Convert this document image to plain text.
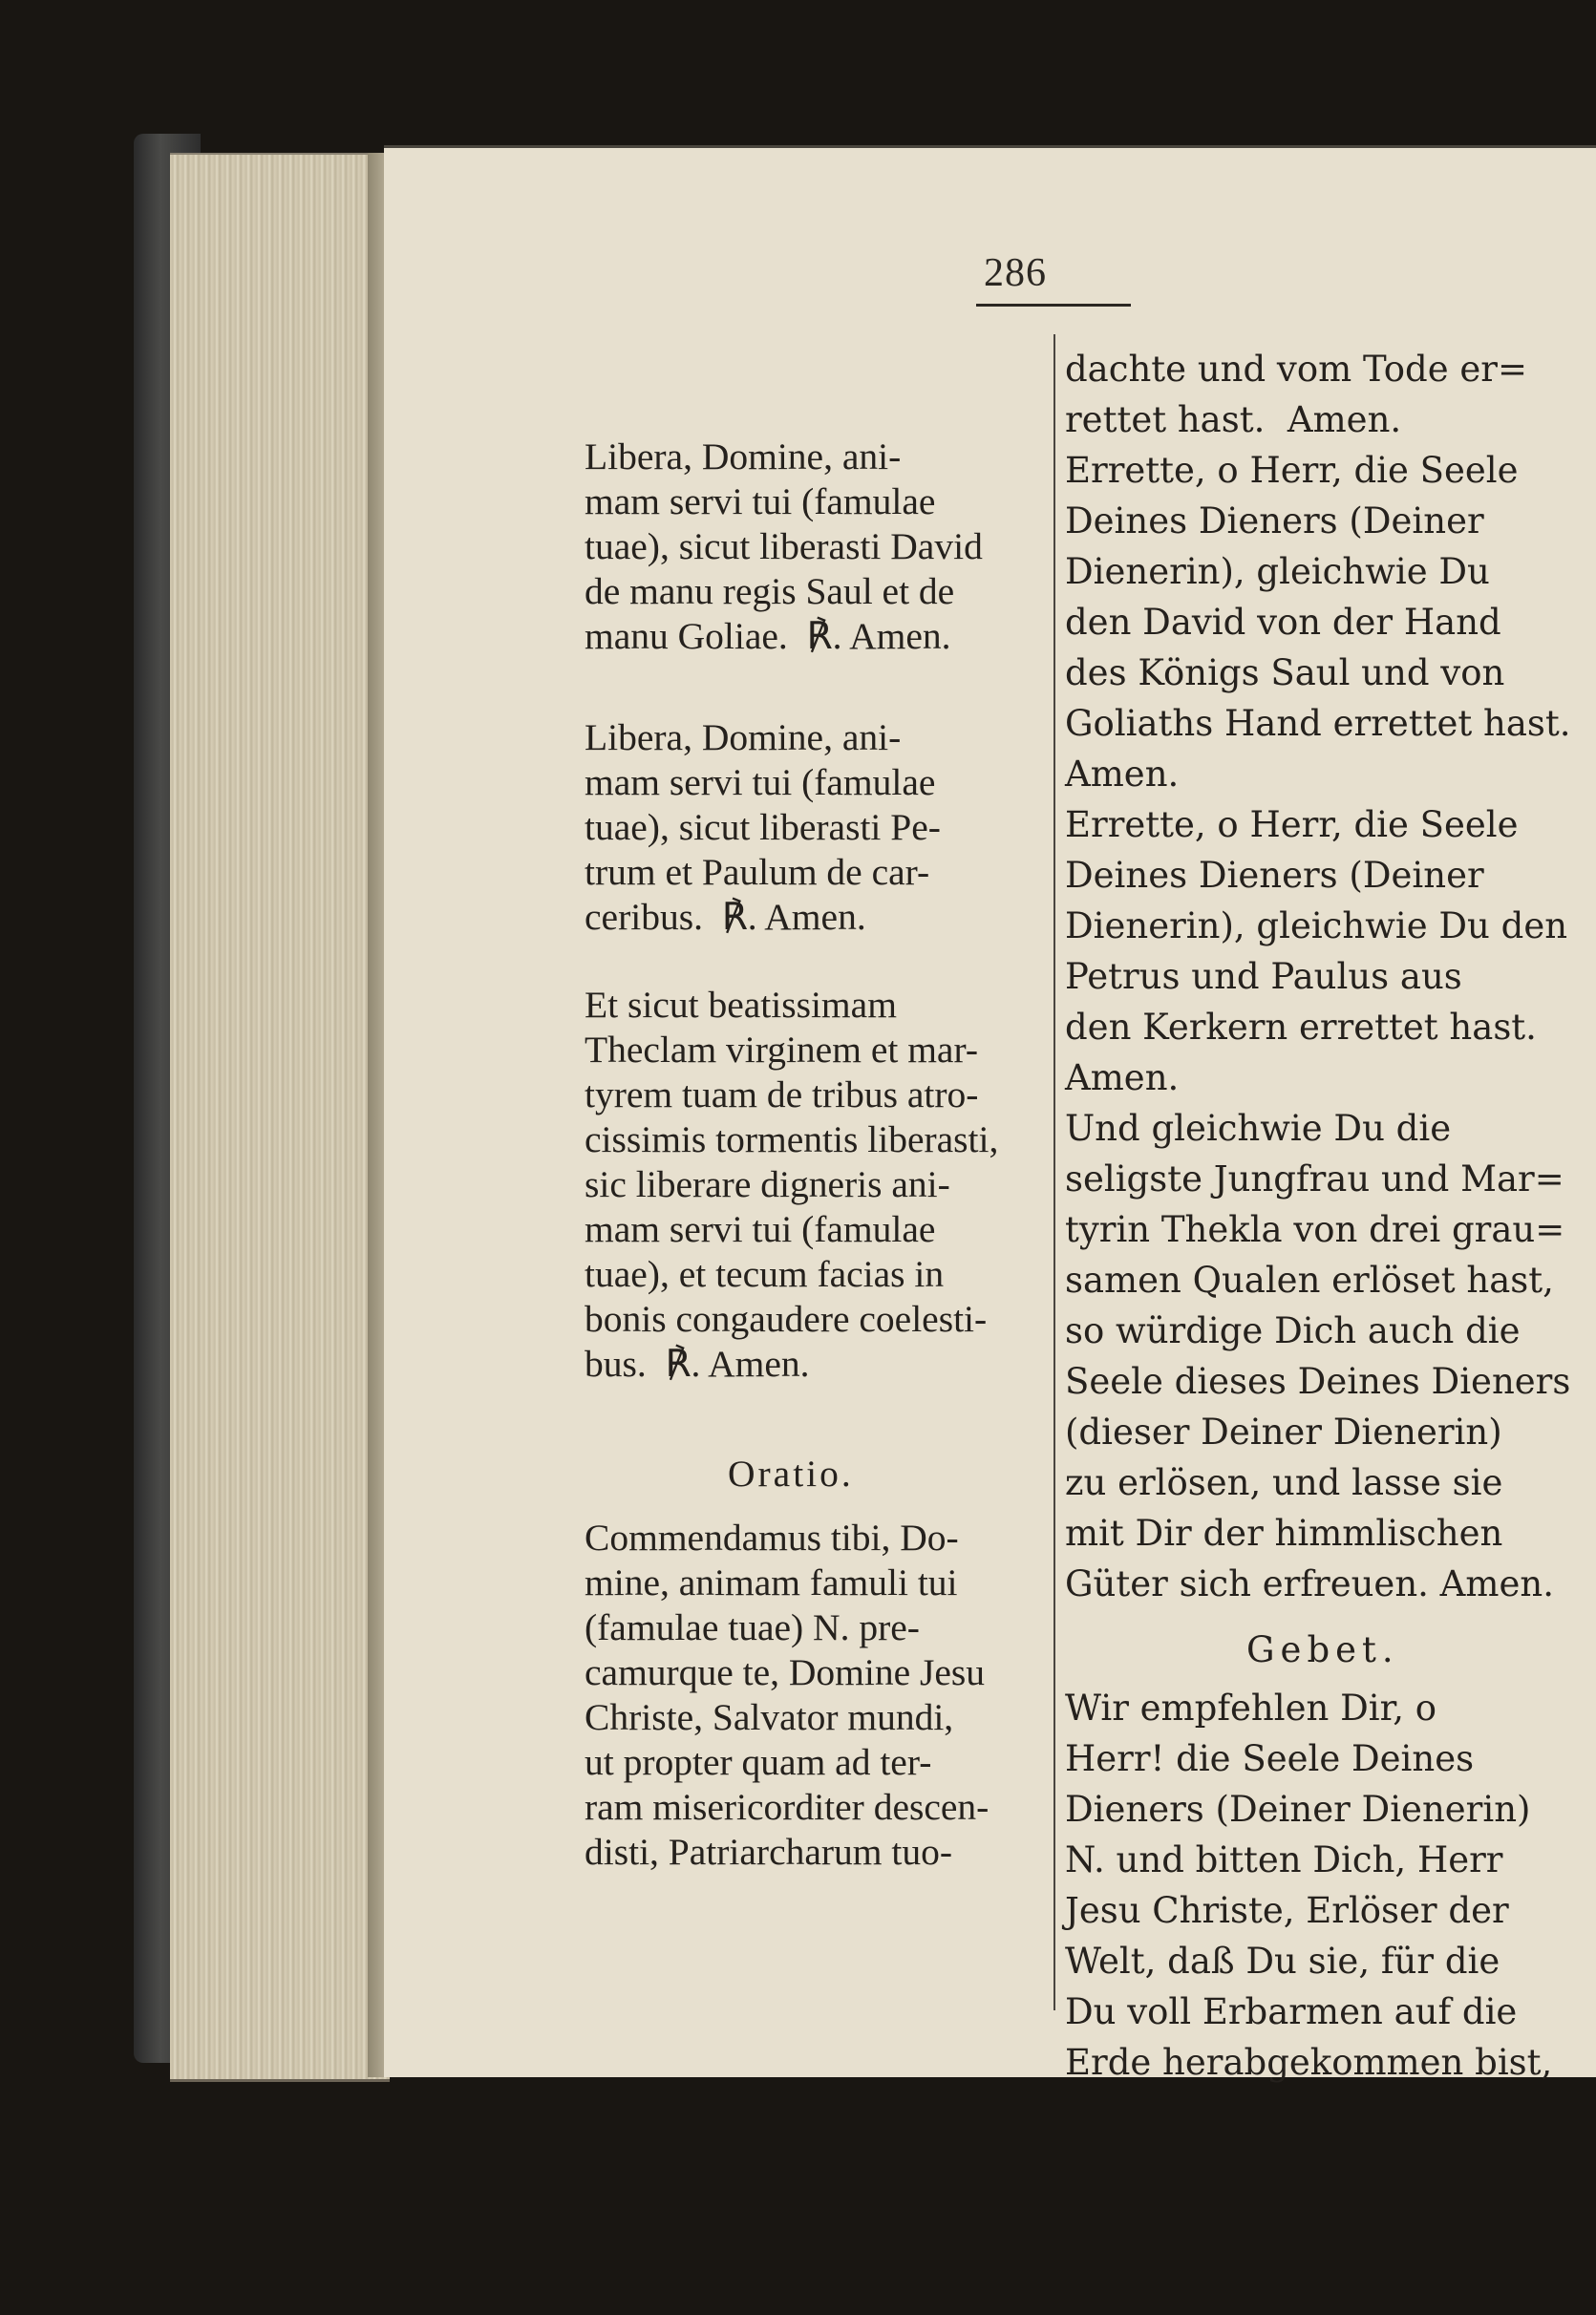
286

Libera, Domine, ani-
mam servi tui (famulae
tuae), sicut liberasti David
de manu regis Saul et de
manu Goliae.  ℟. Amen.

Libera, Domine, ani-
mam servi tui (famulae
tuae), sicut liberasti Pe-
trum et Paulum de car-
ceribus.  ℟. Amen.

Et sicut beatissimam
Theclam virginem et mar-
tyrem tuam de tribus atro-
cissimis tormentis liberasti,
sic liberare digneris ani-
mam servi tui (famulae
tuae), et tecum facias in
bonis congaudere coelesti-
bus.  ℟. Amen.

Oratio.

Commendamus tibi, Do-
mine, animam famuli tui
(famulae tuae) N. pre-
camurque te, Domine Jesu
Christe, Salvator mundi,
ut propter quam ad ter-
ram misericorditer descen-
disti, Patriarcharum tuo-

dachte und vom Tode er=
rettet hast.  Amen.

Errette, o Herr, die Seele
Deines Dieners (Deiner
Dienerin), gleichwie Du
den David von der Hand
des Königs Saul und von
Goliaths Hand errettet hast.
Amen.

Errette, o Herr, die Seele
Deines Dieners (Deiner
Dienerin), gleichwie Du den
Petrus und Paulus aus
den Kerkern errettet hast.
Amen.

Und gleichwie Du die
seligste Jungfrau und Mar=
tyrin Thekla von drei grau=
samen Qualen erlöset hast,
so würdige Dich auch die
Seele dieses Deines Dieners
(dieser Deiner Dienerin)
zu erlösen, und lasse sie
mit Dir der himmlischen
Güter sich erfreuen. Amen.

Gebet.

Wir empfehlen Dir, o
Herr! die Seele Deines
Dieners (Deiner Dienerin)
N. und bitten Dich, Herr
Jesu Christe, Erlöser der
Welt, daß Du sie, für die
Du voll Erbarmen auf die
Erde herabgekommen bist,
